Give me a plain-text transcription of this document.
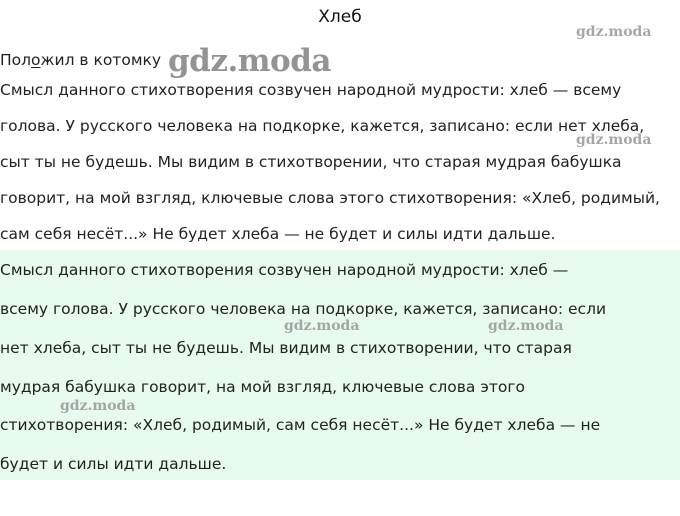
Хлеб
Положил в котомку
Смысл данного стихотворения созвучен народной мудрости: хлеб — всему
голова. У русского человека на подкорке, кажется, записано: если нет хлеба,
сыт ты не будешь. Мы видим в стихотворении, что старая мудрая бабушка
говорит, на мой взгляд, ключевые слова этого стихотворения: «Хлеб, родимый,
сам себя несёт...» Не будет хлеба — не будет и силы идти дальше.
Смысл данного стихотворения созвучен народной мудрости: хлеб —
всему голова. У русского человека на подкорке, кажется, записано: если
нет хлеба, сыт ты не будешь. Мы видим в стихотворении, что старая
мудрая бабушка говорит, на мой взгляд, ключевые слова этого
стихотворения: «Хлеб, родимый, сам себя несёт...» Не будет хлеба — не
будет и силы идти дальше.
gdz.moda
gdz.moda
gdz.moda
gdz.moda	gdz.moda
gdz.moda
